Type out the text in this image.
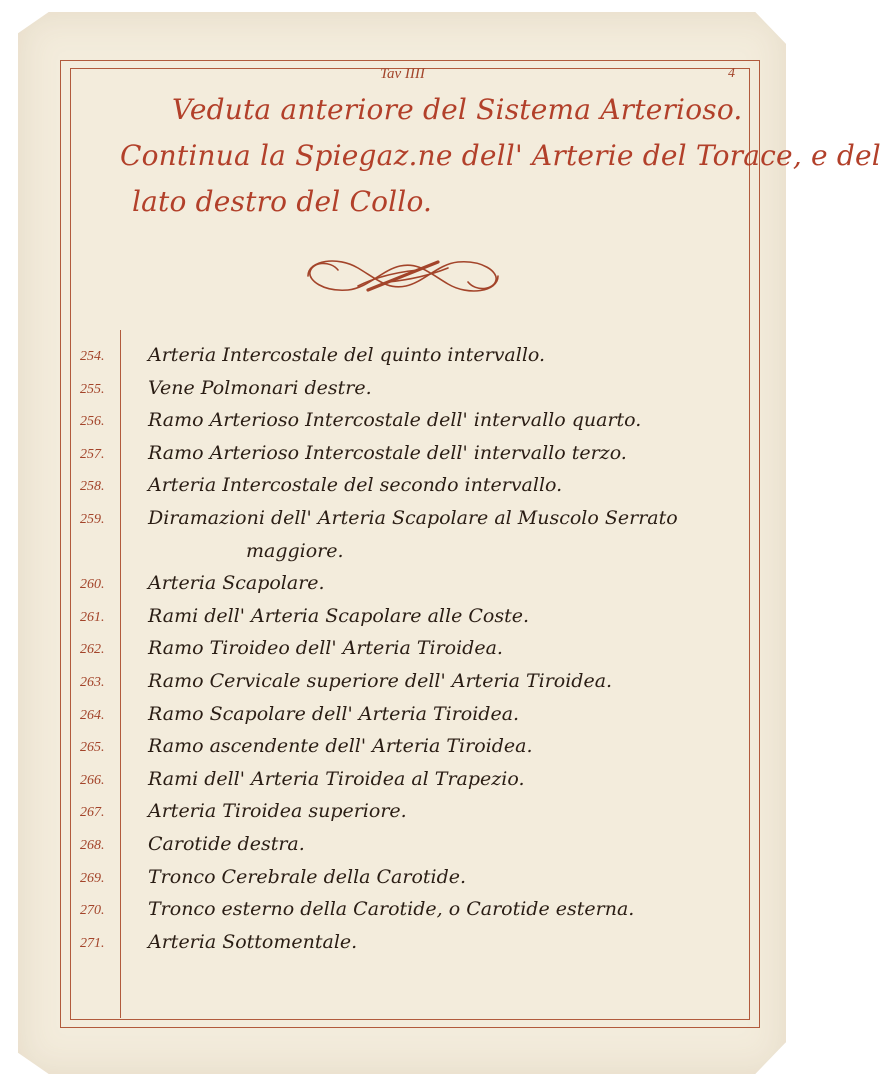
Tav IIII	4
Veduta anteriore del Sistema Arterioso.
Continua la Spiegaz.ne dell' Arterie del Torace, e del
lato destro del Collo.
254.	Arteria Intercostale del quinto intervallo.
255.	Vene Polmonari destre.
256.	Ramo Arterioso Intercostale dell' intervallo quarto.
257.	Ramo Arterioso Intercostale dell' intervallo terzo.
258.	Arteria Intercostale del secondo intervallo.
259.	Diramazioni dell' Arteria Scapolare al Muscolo Serrato
maggiore.
260.	Arteria Scapolare.
261.	Rami dell' Arteria Scapolare alle Coste.
262.	Ramo Tiroideo dell' Arteria Tiroidea.
263.	Ramo Cervicale superiore dell' Arteria Tiroidea.
264.	Ramo Scapolare dell' Arteria Tiroidea.
265.	Ramo ascendente dell' Arteria Tiroidea.
266.	Rami dell' Arteria Tiroidea al Trapezio.
267.	Arteria Tiroidea superiore.
268.	Carotide destra.
269.	Tronco Cerebrale della Carotide.
270.	Tronco esterno della Carotide, o Carotide esterna.
271.	Arteria Sottomentale.
